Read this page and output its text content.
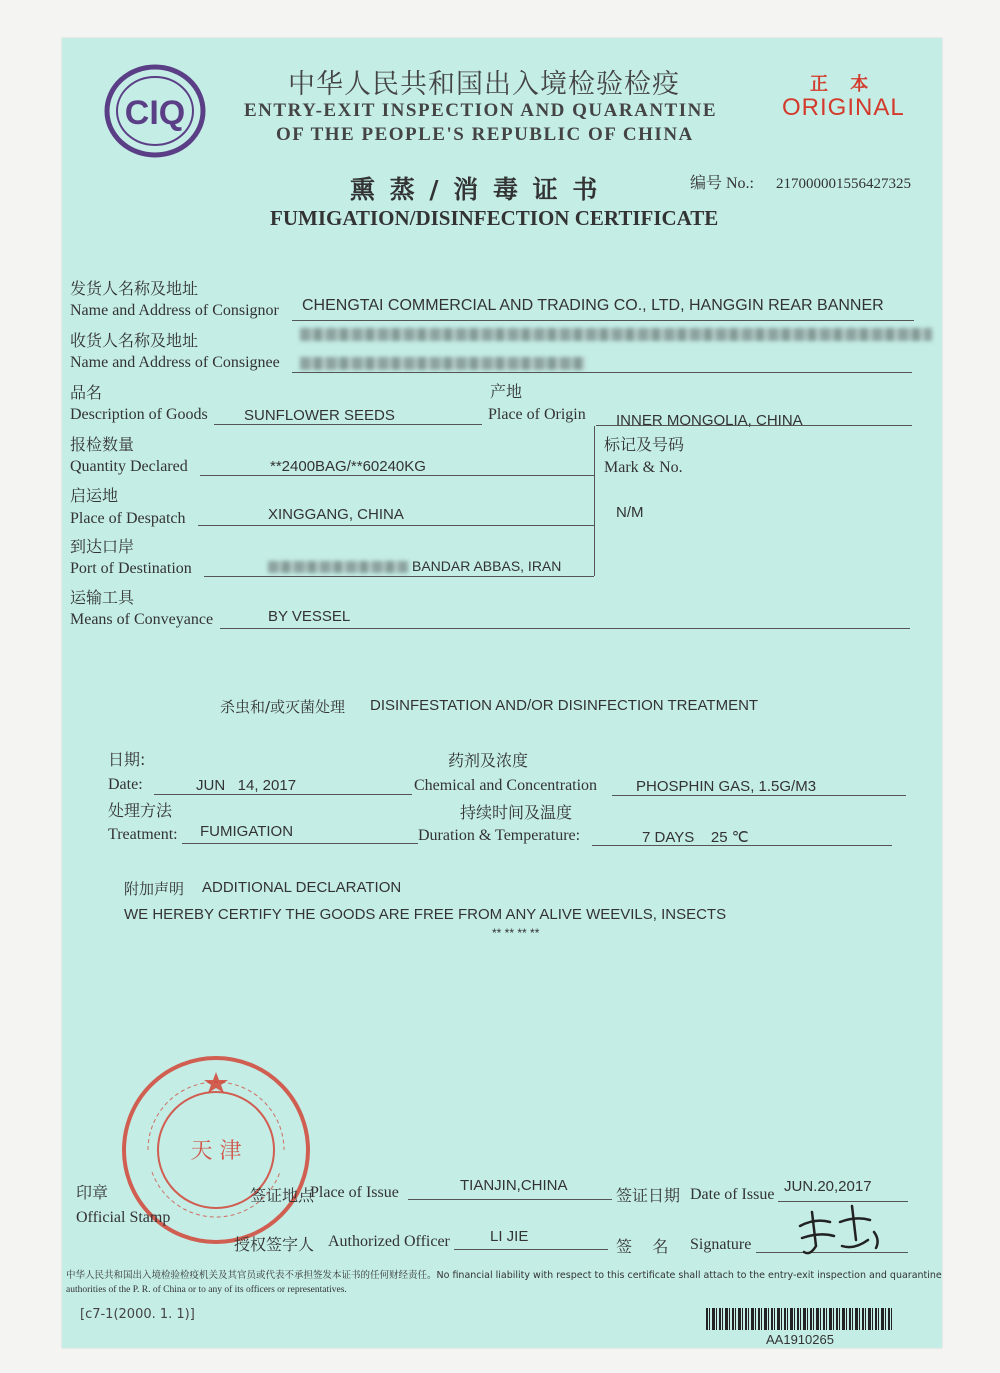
CIQ
中华人民共和国出入境检验检疫
ENTRY-EXIT INSPECTION AND QUARANTINE
OF THE PEOPLE'S REPUBLIC OF CHINA
正 本
ORIGINAL
熏 蒸 / 消 毒 证 书
FUMIGATION/DISINFECTION CERTIFICATE
编号 No.: 217000001556427325
发货人名称及地址
Name and Address of Consignor CHENGTAI COMMERCIAL AND TRADING CO., LTD, HANGGIN REAR BANNER
收货人名称及地址
Name and Address of Consignee
品名
Description of Goods SUNFLOWER SEEDS
产地
Place of Origin INNER MONGOLIA, CHINA
标记及号码
Mark & No.
N/M
报检数量
Quantity Declared	**2400BAG/**60240KG
启运地
Place of Despatch	XINGGANG, CHINA
到达口岸
Port of Destination	BANDAR ABBAS, IRAN
运输工具
Means of Conveyance	BY VESSEL
杀虫和/或灭菌处理 DISINFESTATION AND/OR DISINFECTION TREATMENT
日期:
Date:	JUN   14, 2017
药剂及浓度
Chemical and Concentration	PHOSPHIN GAS, 1.5G/M3
处理方法
Treatment: FUMIGATION
持续时间及温度
Duration & Temperature:	7 DAYS    25 ℃
附加声明 ADDITIONAL DECLARATION
WE HEREBY CERTIFY THE GOODS ARE FREE FROM ANY ALIVE WEEVILS, INSECTS
** ** ** **
天 津
印章
Official Stamp
签证地点
Place of Issue	TIANJIN,CHINA
签证日期 Date of Issue JUN.20,2017
授权签字人 Authorized Officer	LI JIE
签    名 Signature
中华人民共和国出入境检验检疫机关及其官员或代表不承担签发本证书的任何财经责任。No financial liability with respect to this certificate shall attach to the entry-exit inspection and quarantine
authorities of the P. R. of China or to any of its officers or representatives.
[c7-1(2000. 1. 1)]
AA1910265
